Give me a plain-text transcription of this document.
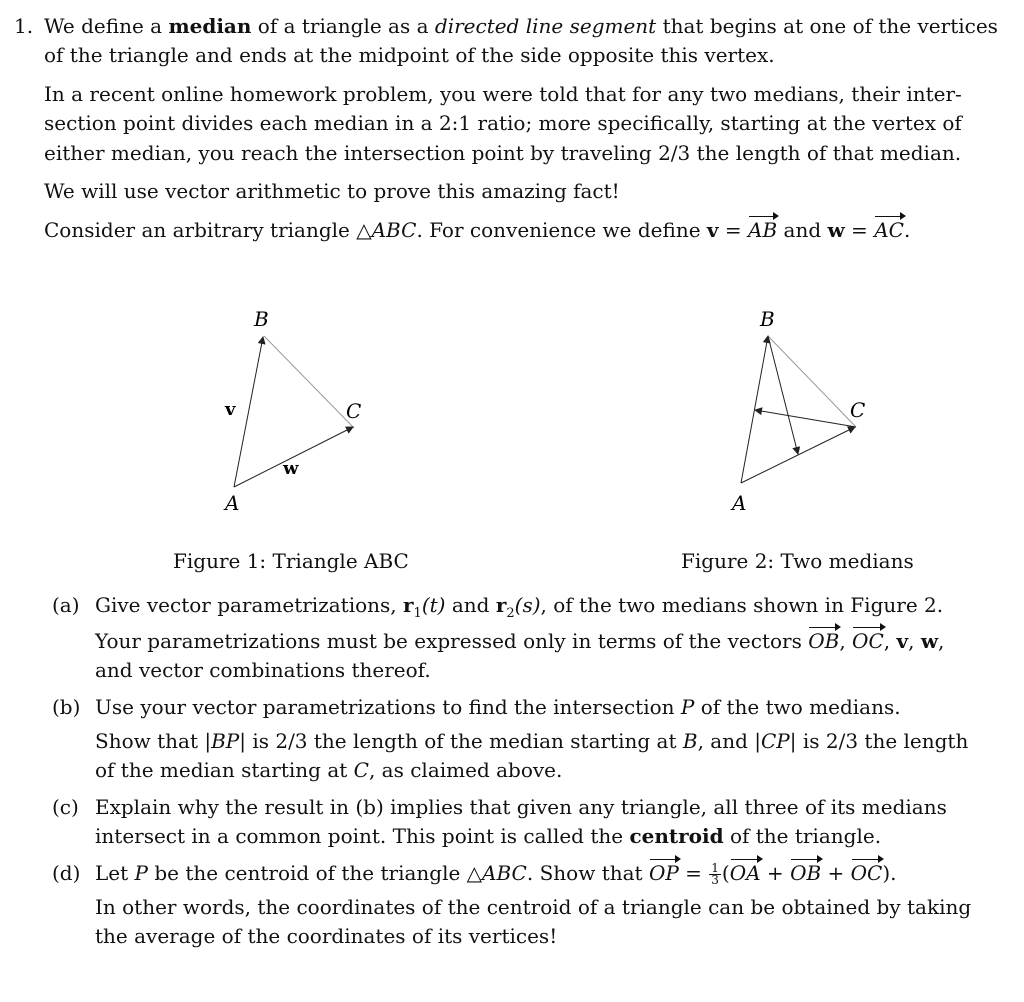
1. We define a median of a triangle as a directed line segment that begins at one of the vertices
of the triangle and ends at the midpoint of the side opposite this vertex.
In a recent online homework problem, you were told that for any two medians, their inter-
section point divides each median in a 2:1 ratio; more specifically, starting at the vertex of
either median, you reach the intersection point by traveling 2/3 the length of that median.
We will use vector arithmetic to prove this amazing fact!
Consider an arbitrary triangle △ABC. For convenience we define v = AB and w = AC.
B
C
A
v
w
B
C
A
Figure 1: Triangle ABC	Figure 2: Two medians
(a) Give vector parametrizations, $r_1(t)$ and $r_2(s)$, of the two medians shown in Figure 2.
Your parametrizations must be expressed only in terms of the vectors OB, OC, v, w,
and vector combinations thereof.
(b) Use your vector parametrizations to find the intersection P of the two medians.
Show that |BP| is 2/3 the length of the median starting at B, and |CP| is 2/3 the length
of the median starting at C, as claimed above.
(c) Explain why the result in (b) implies that given any triangle, all three of its medians
intersect in a common point. This point is called the centroid of the triangle.
(d) Let P be the centroid of the triangle △ABC. Show that OP = $\frac{1}{3} (OA$ + OB + OC).
In other words, the coordinates of the centroid of a triangle can be obtained by taking
the average of the coordinates of its vertices!
